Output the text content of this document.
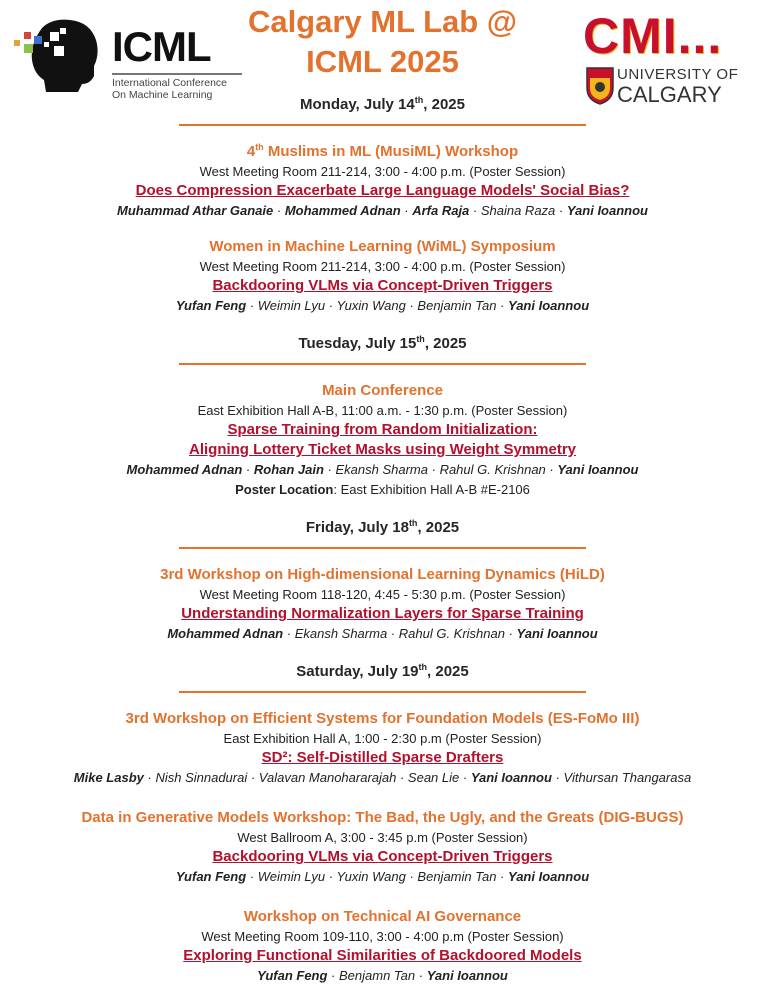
ICML
International Conference
On Machine Learning
Calgary ML Lab @
ICML 2025	CMI...
UNIVERSITY OF
CALGARY
Monday, July 14th, 2025
4th Muslims in ML (MusiML) Workshop
West Meeting Room 211-214, 3:00 - 4:00 p.m. (Poster Session)
Does Compression Exacerbate Large Language Models' Social Bias?
Muhammad Athar Ganaie · Mohammed Adnan · Arfa Raja · Shaina Raza · Yani Ioannou
Women in Machine Learning (WiML) Symposium
West Meeting Room 211-214, 3:00 - 4:00 p.m. (Poster Session)
Backdooring VLMs via Concept-Driven Triggers
Yufan Feng · Weimin Lyu · Yuxin Wang · Benjamin Tan · Yani Ioannou
Tuesday, July 15th, 2025
Main Conference
East Exhibition Hall A-B, 11:00 a.m. - 1:30 p.m. (Poster Session)
Sparse Training from Random Initialization:
Aligning Lottery Ticket Masks using Weight Symmetry
Mohammed Adnan · Rohan Jain · Ekansh Sharma · Rahul G. Krishnan · Yani Ioannou
Poster Location: East Exhibition Hall A-B #E-2106
Friday, July 18th, 2025
3rd Workshop on High-dimensional Learning Dynamics (HiLD)
West Meeting Room 118-120, 4:45 - 5:30 p.m. (Poster Session)
Understanding Normalization Layers for Sparse Training
Mohammed Adnan · Ekansh Sharma · Rahul G. Krishnan · Yani Ioannou
Saturday, July 19th, 2025
3rd Workshop on Efficient Systems for Foundation Models (ES-FoMo III)
East Exhibition Hall A, 1:00 - 2:30 p.m (Poster Session)
SD²: Self-Distilled Sparse Drafters
Mike Lasby · Nish Sinnadurai · Valavan Manohararajah · Sean Lie · Yani Ioannou · Vithursan Thangarasa
Data in Generative Models Workshop: The Bad, the Ugly, and the Greats (DIG-BUGS)
West Ballroom A, 3:00 - 3:45 p.m (Poster Session)
Backdooring VLMs via Concept-Driven Triggers
Yufan Feng · Weimin Lyu · Yuxin Wang · Benjamin Tan · Yani Ioannou
Workshop on Technical AI Governance
West Meeting Room 109-110, 3:00 - 4:00 p.m (Poster Session)
Exploring Functional Similarities of Backdoored Models
Yufan Feng · Benjamn Tan · Yani Ioannou
